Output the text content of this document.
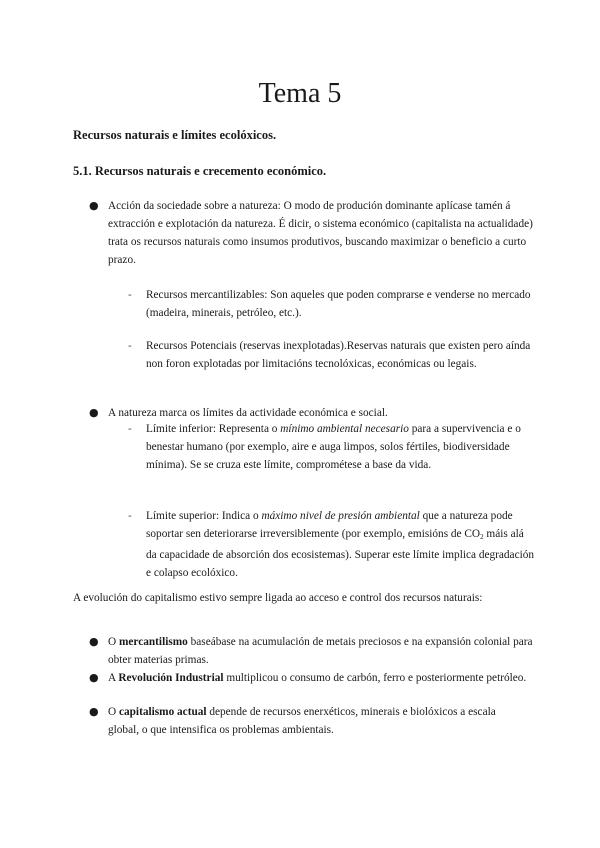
Tema 5
Recursos naturais e límites ecolóxicos.
5.1. Recursos naturais e crecemento económico.
● Acción da sociedade sobre a natureza: O modo de produción dominante aplícase tamén á extracción e explotación da natureza. É dicir, o sistema económico (capitalista na actualidade) trata os recursos naturais como insumos produtivos, buscando maximizar o beneficio a curto prazo.
- Recursos mercantilizables: Son aqueles que poden comprarse e venderse no mercado (madeira, minerais, petróleo, etc.).
- Recursos Potenciais (reservas inexplotadas).Reservas naturais que existen pero aínda non foron explotadas por limitacións tecnolóxicas, económicas ou legais.
● A natureza marca os límites da actividade económica e social.
- Límite inferior: Representa o mínimo ambiental necesario para a supervivencia e o benestar humano (por exemplo, aire e auga limpos, solos fértiles, biodiversidade mínima). Se se cruza este límite, comprométese a base da vida.
- Límite superior: Indica o máximo nivel de presión ambiental que a natureza pode soportar sen deteriorarse irreversiblemente (por exemplo, emisións de $CO_2$ máis alá da capacidade de absorción dos ecosistemas). Superar este límite implica degradación e colapso ecolóxico.
A evolución do capitalismo estivo sempre ligada ao acceso e control dos recursos naturais:
● O mercantilismo baseábase na acumulación de metais preciosos e na expansión colonial para obter materias primas.
● A Revolución Industrial multiplicou o consumo de carbón, ferro e posteriormente petróleo.
● O capitalismo actual depende de recursos enerxéticos, minerais e biolóxicos a escala global, o que intensifica os problemas ambientais.
